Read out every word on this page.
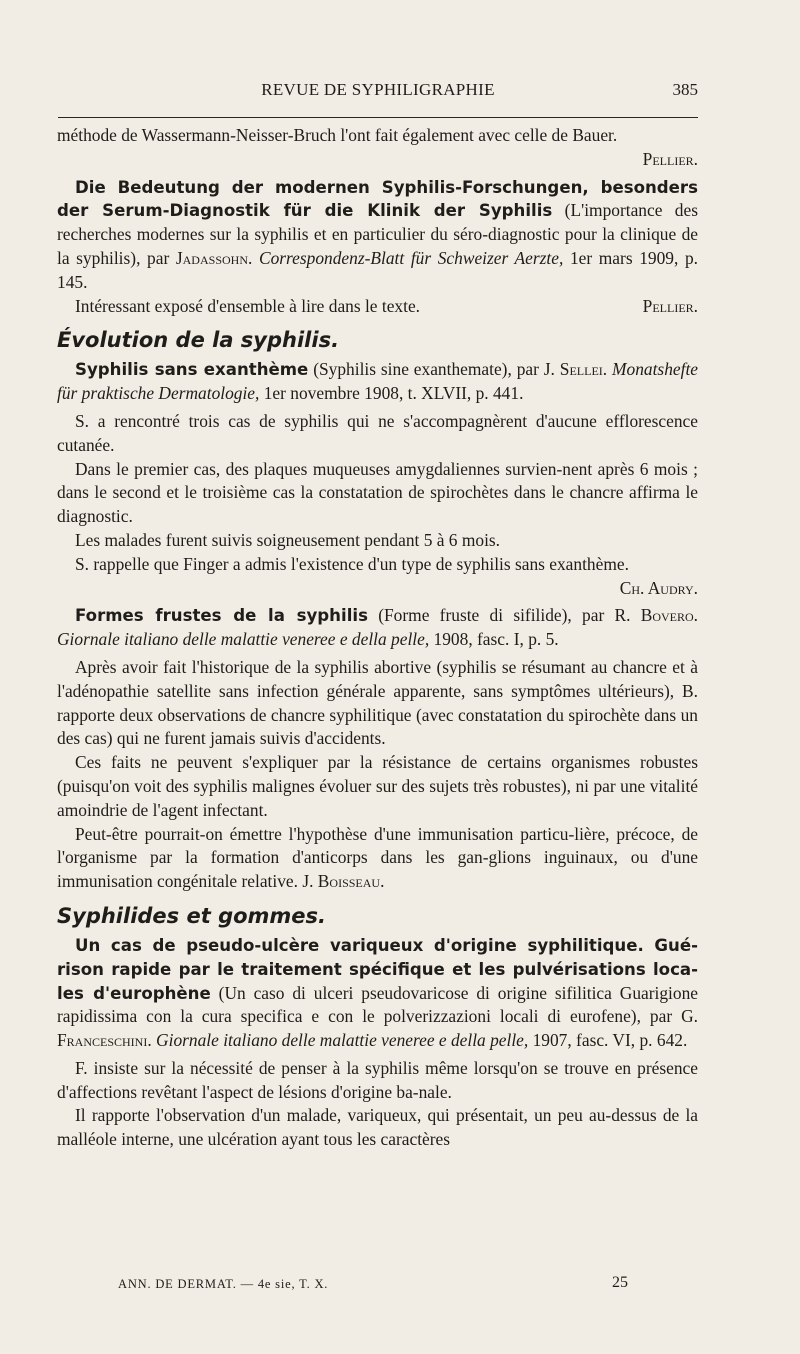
REVUE DE SYPHILIGRAPHIE	385

méthode de Wassermann-Neisser-Bruch l'ont fait également avec celle de Bauer.

Pellier.

Die Bedeutung der modernen Syphilis-Forschungen, besonders der Serum-Diagnostik für die Klinik der Syphilis (L'importance des recherches modernes sur la syphilis et en particulier du séro-diagnostic pour la clinique de la syphilis), par Jadassohn. Correspondenz-Blatt für Schweizer Aerzte, 1er mars 1909, p. 145.

Intéressant exposé d'ensemble à lire dans le texte.	Pellier.

Évolution de la syphilis.

Syphilis sans exanthème (Syphilis sine exanthemate), par J. Sellei. Monatshefte für praktische Dermatologie, 1er novembre 1908, t. XLVII, p. 441.

S. a rencontré trois cas de syphilis qui ne s'accompagnèrent d'aucune efflorescence cutanée.

Dans le premier cas, des plaques muqueuses amygdaliennes survien-nent après 6 mois ; dans le second et le troisième cas la constatation de spirochètes dans le chancre affirma le diagnostic.

Les malades furent suivis soigneusement pendant 5 à 6 mois.

S. rappelle que Finger a admis l'existence d'un type de syphilis sans exanthème.

Ch. Audry.

Formes frustes de la syphilis (Forme fruste di sifilide), par R. Bovero. Giornale italiano delle malattie veneree e della pelle, 1908, fasc. I, p. 5.

Après avoir fait l'historique de la syphilis abortive (syphilis se résumant au chancre et à l'adénopathie satellite sans infection générale apparente, sans symptômes ultérieurs), B. rapporte deux observations de chancre syphilitique (avec constatation du spirochète dans un des cas) qui ne furent jamais suivis d'accidents.

Ces faits ne peuvent s'expliquer par la résistance de certains organismes robustes (puisqu'on voit des syphilis malignes évoluer sur des sujets très robustes), ni par une vitalité amoindrie de l'agent infectant.

Peut-être pourrait-on émettre l'hypothèse d'une immunisation particu-lière, précoce, de l'organisme par la formation d'anticorps dans les gan-glions inguinaux, ou d'une immunisation congénitale relative. J. Boisseau.

Syphilides et gommes.

Un cas de pseudo-ulcère variqueux d'origine syphilitique. Gué-rison rapide par le traitement spécifique et les pulvérisations loca-les d'europhène (Un caso di ulceri pseudovaricose di origine sifilitica Guarigione rapidissima con la cura specifica e con le polverizzazioni locali di eurofene), par G. Franceschini. Giornale italiano delle malattie veneree e della pelle, 1907, fasc. VI, p. 642.

F. insiste sur la nécessité de penser à la syphilis même lorsqu'on se trouve en présence d'affections revêtant l'aspect de lésions d'origine ba-nale.

Il rapporte l'observation d'un malade, variqueux, qui présentait, un peu au-dessus de la malléole interne, une ulcération ayant tous les caractères

ANN. DE DERMAT. — 4e sie, T. X.	25
